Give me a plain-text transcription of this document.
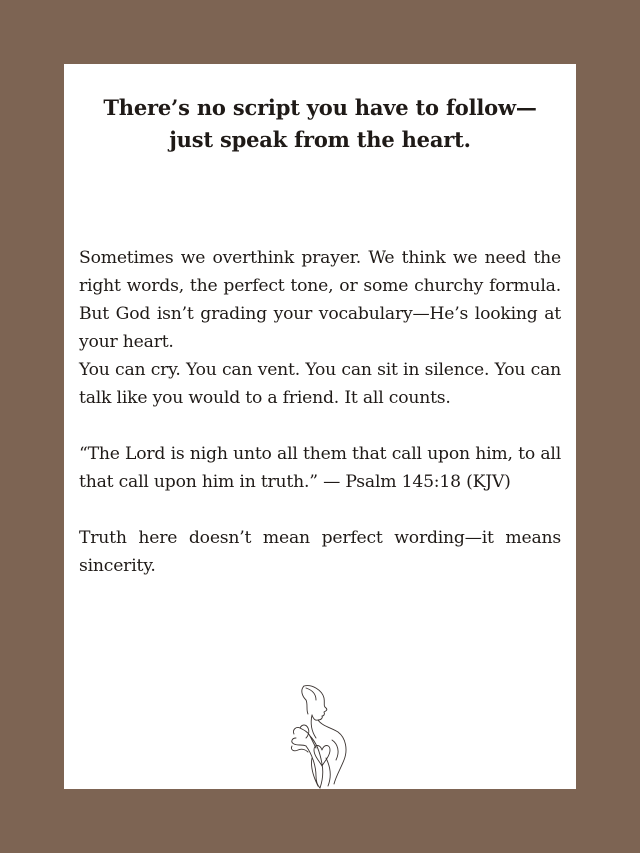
There’s no script you have to follow—
just speak from the heart.

Sometimes we overthink prayer. We think we need the right words, the perfect tone, or some churchy formula. But God isn’t grading your vocabulary—He’s looking at your heart.

You can cry. You can vent. You can sit in silence. You can talk like you would to a friend. It all counts.

“The Lord is nigh unto all them that call upon him, to all that call upon him in truth.” — Psalm 145:18 (KJV)

Truth here doesn’t mean perfect wording—it means sincerity.
